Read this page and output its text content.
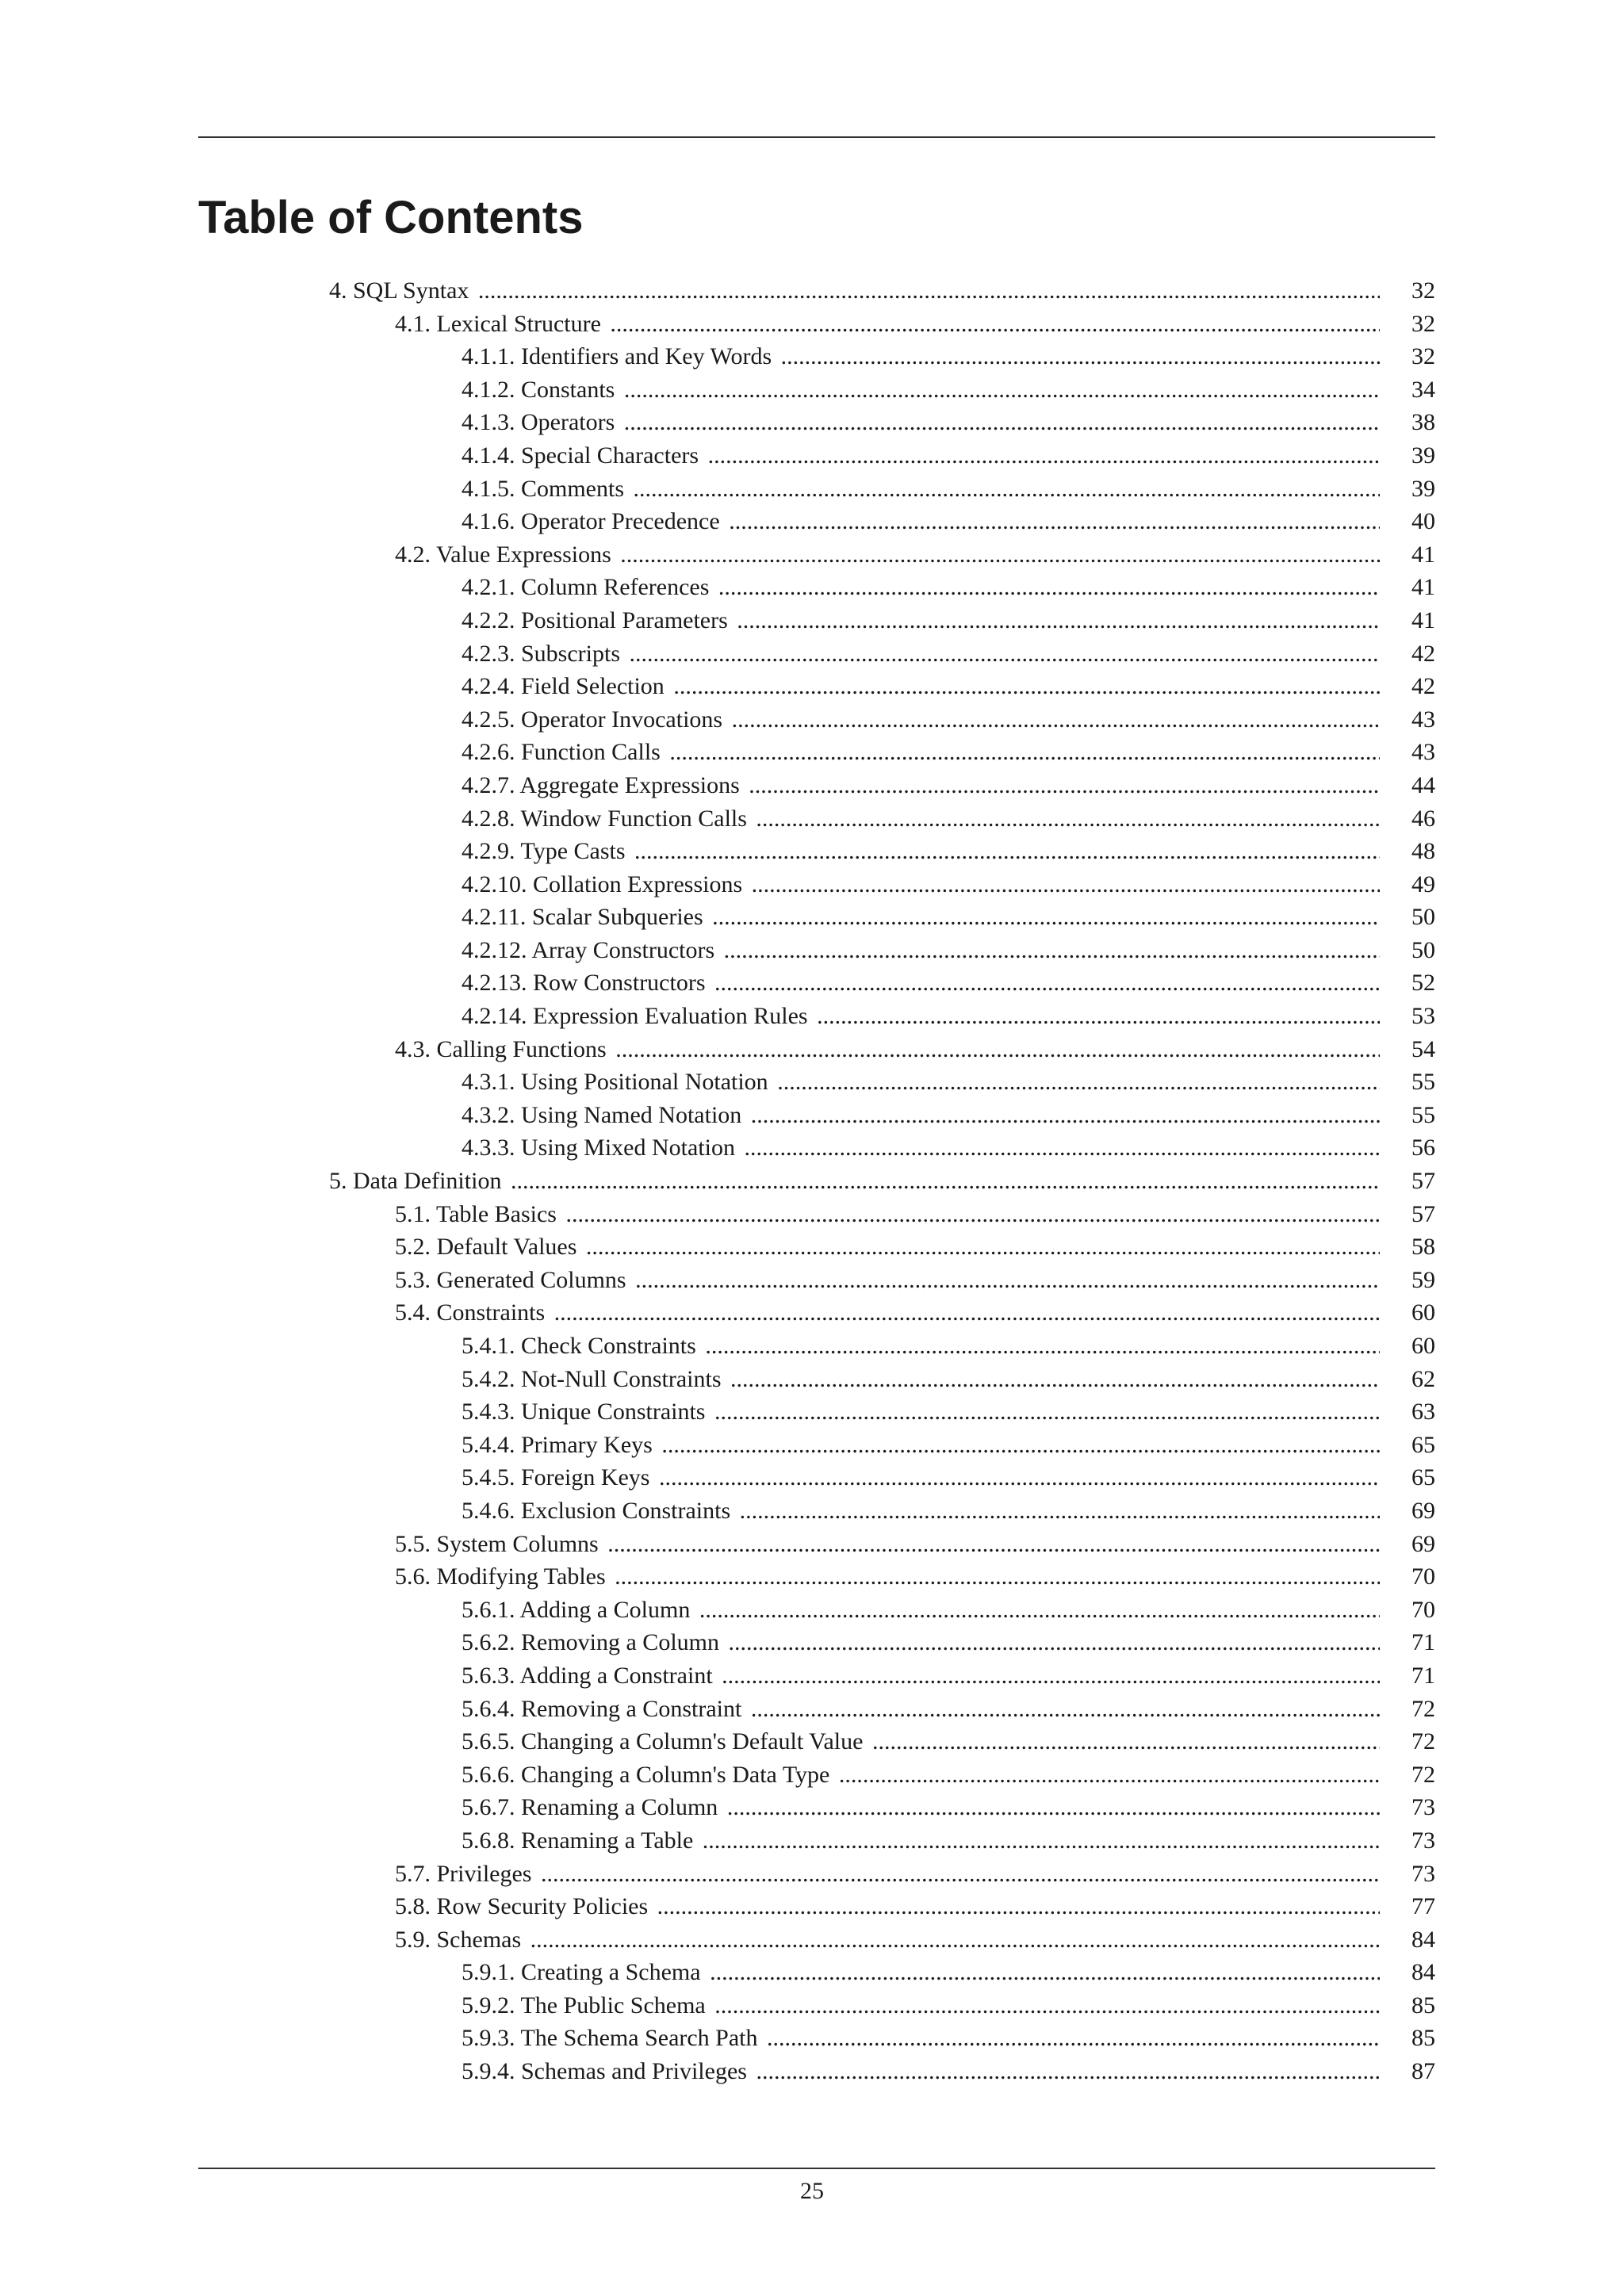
Table of Contents
4. SQL Syntax .....	32
4.1. Lexical Structure .....	32
4.1.1. Identifiers and Key Words .....	32
4.1.2. Constants .....	34
4.1.3. Operators .....	38
4.1.4. Special Characters .....	39
4.1.5. Comments .....	39
4.1.6. Operator Precedence .....	40
4.2. Value Expressions .....	41
4.2.1. Column References .....	41
4.2.2. Positional Parameters .....	41
4.2.3. Subscripts .....	42
4.2.4. Field Selection .....	42
4.2.5. Operator Invocations .....	43
4.2.6. Function Calls .....	43
4.2.7. Aggregate Expressions .....	44
4.2.8. Window Function Calls .....	46
4.2.9. Type Casts .....	48
4.2.10. Collation Expressions .....	49
4.2.11. Scalar Subqueries .....	50
4.2.12. Array Constructors .....	50
4.2.13. Row Constructors .....	52
4.2.14. Expression Evaluation Rules .....	53
4.3. Calling Functions .....	54
4.3.1. Using Positional Notation .....	55
4.3.2. Using Named Notation .....	55
4.3.3. Using Mixed Notation .....	56
5. Data Definition .....	57
5.1. Table Basics .....	57
5.2. Default Values .....	58
5.3. Generated Columns .....	59
5.4. Constraints .....	60
5.4.1. Check Constraints .....	60
5.4.2. Not-Null Constraints .....	62
5.4.3. Unique Constraints .....	63
5.4.4. Primary Keys .....	65
5.4.5. Foreign Keys .....	65
5.4.6. Exclusion Constraints .....	69
5.5. System Columns .....	69
5.6. Modifying Tables .....	70
5.6.1. Adding a Column .....	70
5.6.2. Removing a Column .....	71
5.6.3. Adding a Constraint .....	71
5.6.4. Removing a Constraint .....	72
5.6.5. Changing a Column's Default Value .....	72
5.6.6. Changing a Column's Data Type .....	72
5.6.7. Renaming a Column .....	73
5.6.8. Renaming a Table .....	73
5.7. Privileges .....	73
5.8. Row Security Policies .....	77
5.9. Schemas .....	84
5.9.1. Creating a Schema .....	84
5.9.2. The Public Schema .....	85
5.9.3. The Schema Search Path .....	85
5.9.4. Schemas and Privileges .....	87
25
